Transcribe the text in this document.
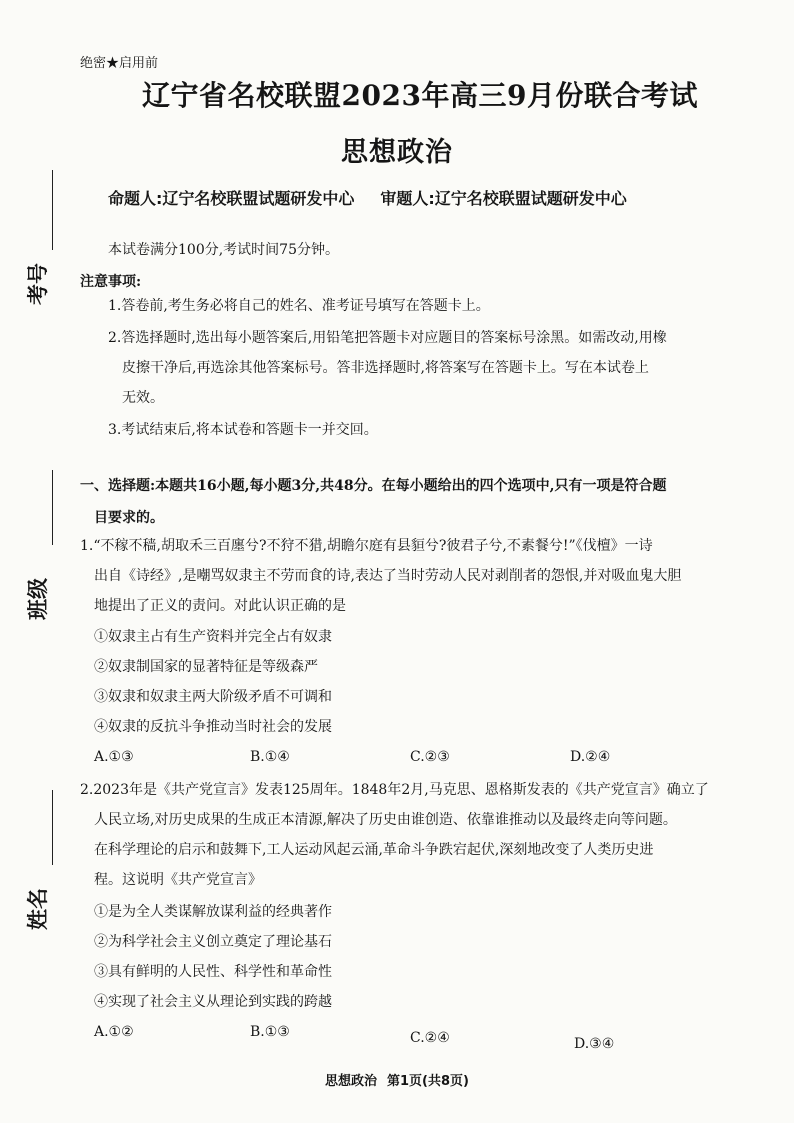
考号
班级
姓名
绝密★启用前
辽宁省名校联盟2023年高三9月份联合考试
思想政治
命题人:辽宁名校联盟试题研发中心 审题人:辽宁名校联盟试题研发中心
本试卷满分100分,考试时间75分钟。
注意事项:
1.答卷前,考生务必将自己的姓名、准考证号填写在答题卡上。
2.答选择题时,选出每小题答案后,用铅笔把答题卡对应题目的答案标号涂黑。如需改动,用橡
皮擦干净后,再选涂其他答案标号。答非选择题时,将答案写在答题卡上。写在本试卷上
无效。
3.考试结束后,将本试卷和答题卡一并交回。
一、选择题:本题共16小题,每小题3分,共48分。在每小题给出的四个选项中,只有一项是符合题
目要求的。
1.“不稼不穑,胡取禾三百廛兮?不狩不猎,胡瞻尔庭有县貆兮?彼君子兮,不素餐兮!”《伐檀》一诗
出自《诗经》,是嘲骂奴隶主不劳而食的诗,表达了当时劳动人民对剥削者的怨恨,并对吸血鬼大胆
地提出了正义的责问。对此认识正确的是
①奴隶主占有生产资料并完全占有奴隶
②奴隶制国家的显著特征是等级森严
③奴隶和奴隶主两大阶级矛盾不可调和
④奴隶的反抗斗争推动当时社会的发展
A.①③	B.①④	C.②③	D.②④
2.2023年是《共产党宣言》发表125周年。1848年2月,马克思、恩格斯发表的《共产党宣言》确立了
人民立场,对历史成果的生成正本清源,解决了历史由谁创造、依靠谁推动以及最终走向等问题。
在科学理论的启示和鼓舞下,工人运动风起云涌,革命斗争跌宕起伏,深刻地改变了人类历史进
程。这说明《共产党宣言》
①是为全人类谋解放谋利益的经典著作
②为科学社会主义创立奠定了理论基石
③具有鲜明的人民性、科学性和革命性
④实现了社会主义从理论到实践的跨越
A.①②	B.①③	C.②④	D.③④
思想政治 第1页(共8页)
